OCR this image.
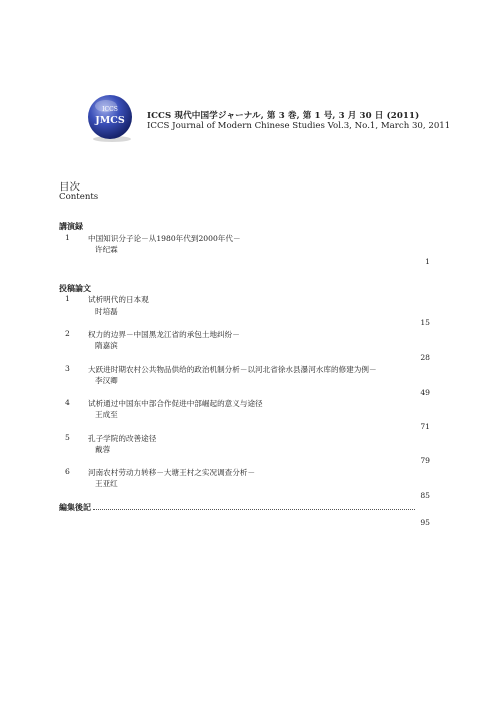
ICCS
JMCS	ICCS 現代中国学ジャーナル, 第 3 巻, 第 1 号, 3 月 30 日 (2011)
ICCS Journal of Modern Chinese Studies Vol.3, No.1, March 30, 2011
目次
Contents
講演録
1 中国知识分子论－从1980年代到2000年代－
许纪霖
1
投稿論文
1 试析明代的日本观
时培磊
15
2 权力的边界－中国黑龙江省的承包土地纠纷－
隋嘉滨
28
3 大跃进时期农村公共物品供给的政治机制分析－以河北省徐水县瀑河水库的修建为例－
李汉卿
49
4 试析通过中国东中部合作促进中部崛起的意义与途径
王成至
71
5 孔子学院的改善途径
戴蓉
79
6 河南农村劳动力转移－大塘王村之实况调查分析－
王亚红
85
編集後記
95
